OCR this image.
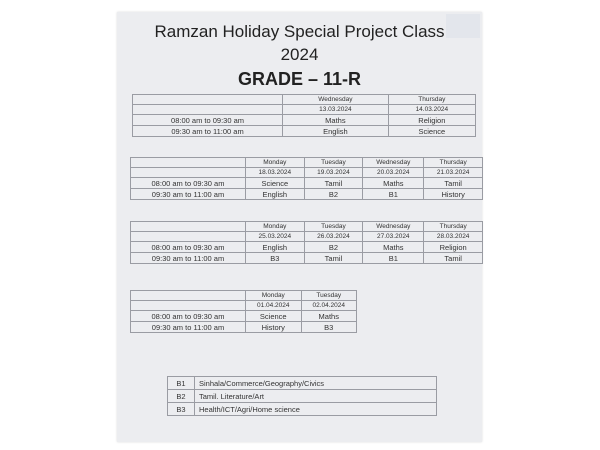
Ramzan Holiday Special Project Class
2024
GRADE – 11-R
	Wednesday	Thursday
	13.03.2024	14.03.2024
08:00 am to 09:30 am	Maths	Religion
09:30 am to 11:00 am	English	Science
	Monday	Tuesday	Wednesday	Thursday
	18.03.2024	19.03.2024	20.03.2024	21.03.2024
08:00 am to 09:30 am	Science	Tamil	Maths	Tamil
09:30 am to 11:00 am	English	B2	B1	History
	Monday	Tuesday	Wednesday	Thursday
	25.03.2024	26.03.2024	27.03.2024	28.03.2024
08:00 am to 09:30 am	English	B2	Maths	Religion
09:30 am to 11:00 am	B3	Tamil	B1	Tamil
	Monday	Tuesday
	01.04.2024	02.04.2024
08:00 am to 09:30 am	Science	Maths
09:30 am to 11:00 am	History	B3
B1	Sinhala/Commerce/Geography/Civics
B2	Tamil. Literature/Art
B3	Health/ICT/Agri/Home science
